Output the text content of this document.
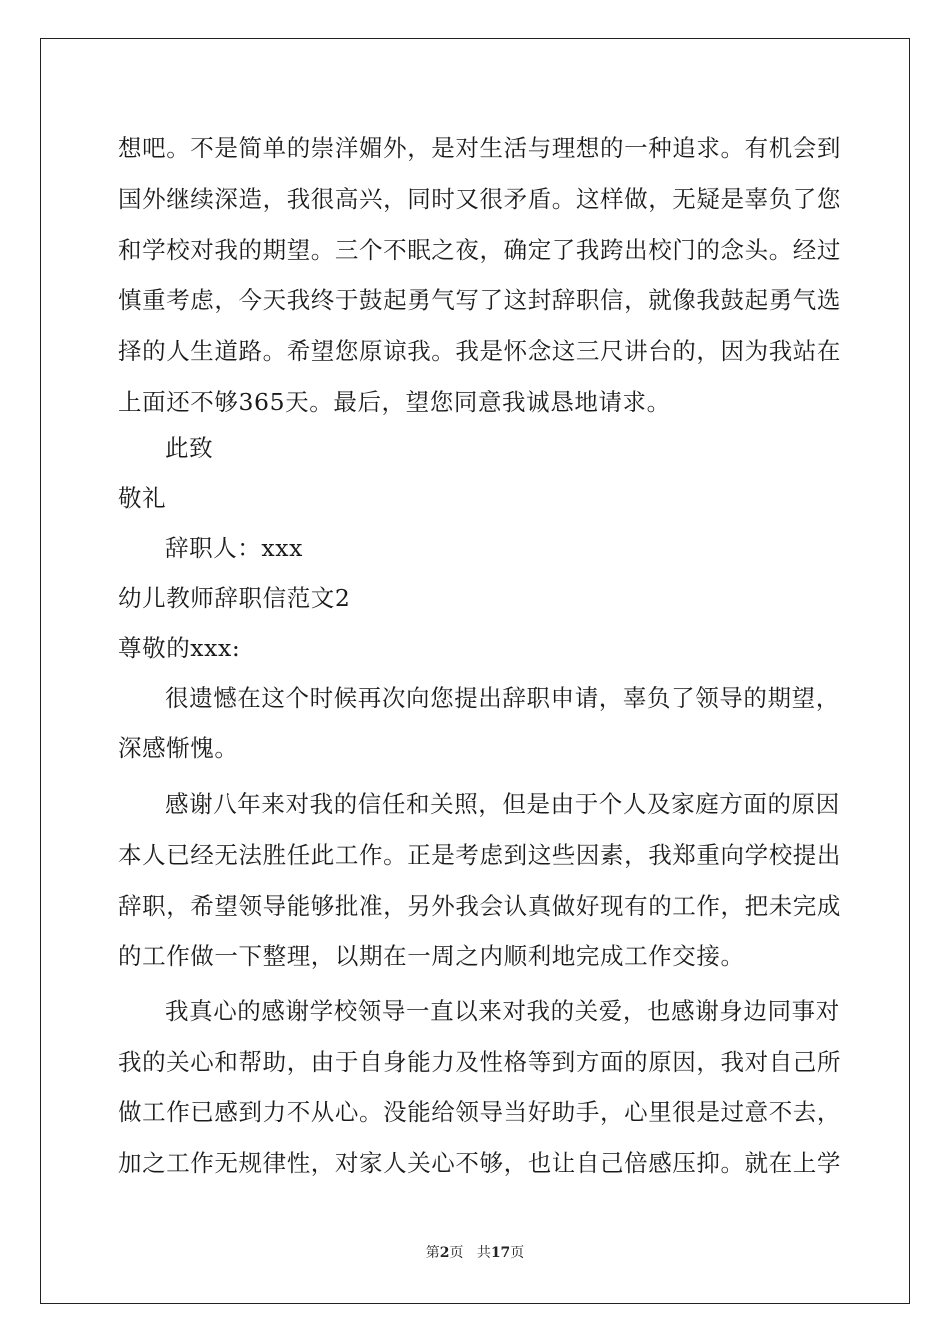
想吧。不是简单的崇洋媚外，是对生活与理想的一种追求。有机会到
国外继续深造，我很高兴，同时又很矛盾。这样做，无疑是辜负了您
和学校对我的期望。三个不眠之夜，确定了我跨出校门的念头。经过
慎重考虑，今天我终于鼓起勇气写了这封辞职信，就像我鼓起勇气选
择的人生道路。希望您原谅我。我是怀念这三尺讲台的，因为我站在
上面还不够365天。最后，望您同意我诚恳地请求。
此致
敬礼
辞职人：xxx
幼儿教师辞职信范文2
尊敬的xxx:
很遗憾在这个时候再次向您提出辞职申请，辜负了领导的期望，
深感惭愧。
感谢八年来对我的信任和关照，但是由于个人及家庭方面的原因
本人已经无法胜任此工作。正是考虑到这些因素，我郑重向学校提出
辞职，希望领导能够批准，另外我会认真做好现有的工作，把未完成
的工作做一下整理，以期在一周之内顺利地完成工作交接。
我真心的感谢学校领导一直以来对我的关爱，也感谢身边同事对
我的关心和帮助，由于自身能力及性格等到方面的原因，我对自己所
做工作已感到力不从心。没能给领导当好助手，心里很是过意不去，
加之工作无规律性，对家人关心不够，也让自己倍感压抑。就在上学
第2页 共17页
